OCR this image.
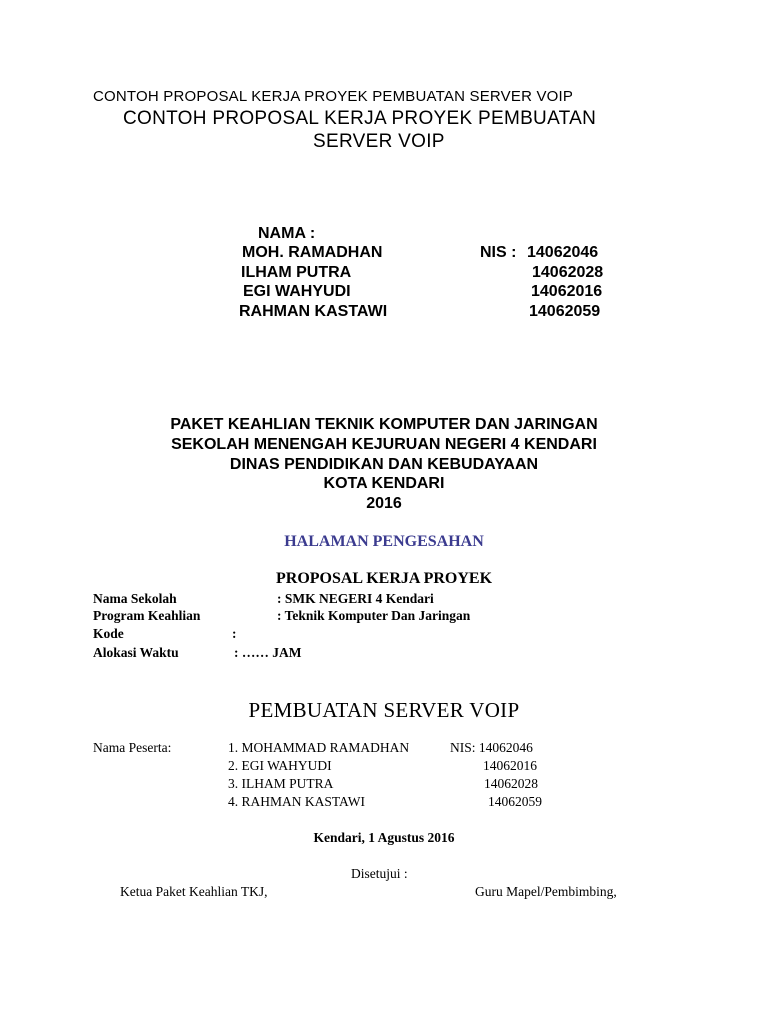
CONTOH PROPOSAL KERJA PROYEK PEMBUATAN SERVER VOIP
CONTOH PROPOSAL KERJA PROYEK PEMBUATAN
SERVER VOIP
NAMA :
MOH. RAMADHAN	NIS : 14062046
ILHAM PUTRA	14062028
EGI WAHYUDI	14062016
RAHMAN KASTAWI	14062059
PAKET KEAHLIAN TEKNIK KOMPUTER DAN JARINGAN
SEKOLAH MENENGAH KEJURUAN NEGERI 4 KENDARI
DINAS PENDIDIKAN DAN KEBUDAYAAN
KOTA KENDARI
2016
HALAMAN PENGESAHAN
PROPOSAL KERJA PROYEK
Nama Sekolah	: SMK NEGERI 4 Kendari
Program Keahlian	: Teknik Komputer Dan Jaringan
Kode	:
Alokasi Waktu	: …… JAM
PEMBUATAN SERVER VOIP
Nama Peserta:	1. MOHAMMAD RAMADHAN	NIS: 14062046
2. EGI WAHYUDI	14062016
3. ILHAM PUTRA	14062028
4. RAHMAN KASTAWI	14062059
Kendari, 1 Agustus 2016
Disetujui :
Ketua Paket Keahlian TKJ,	Guru Mapel/Pembimbing,
